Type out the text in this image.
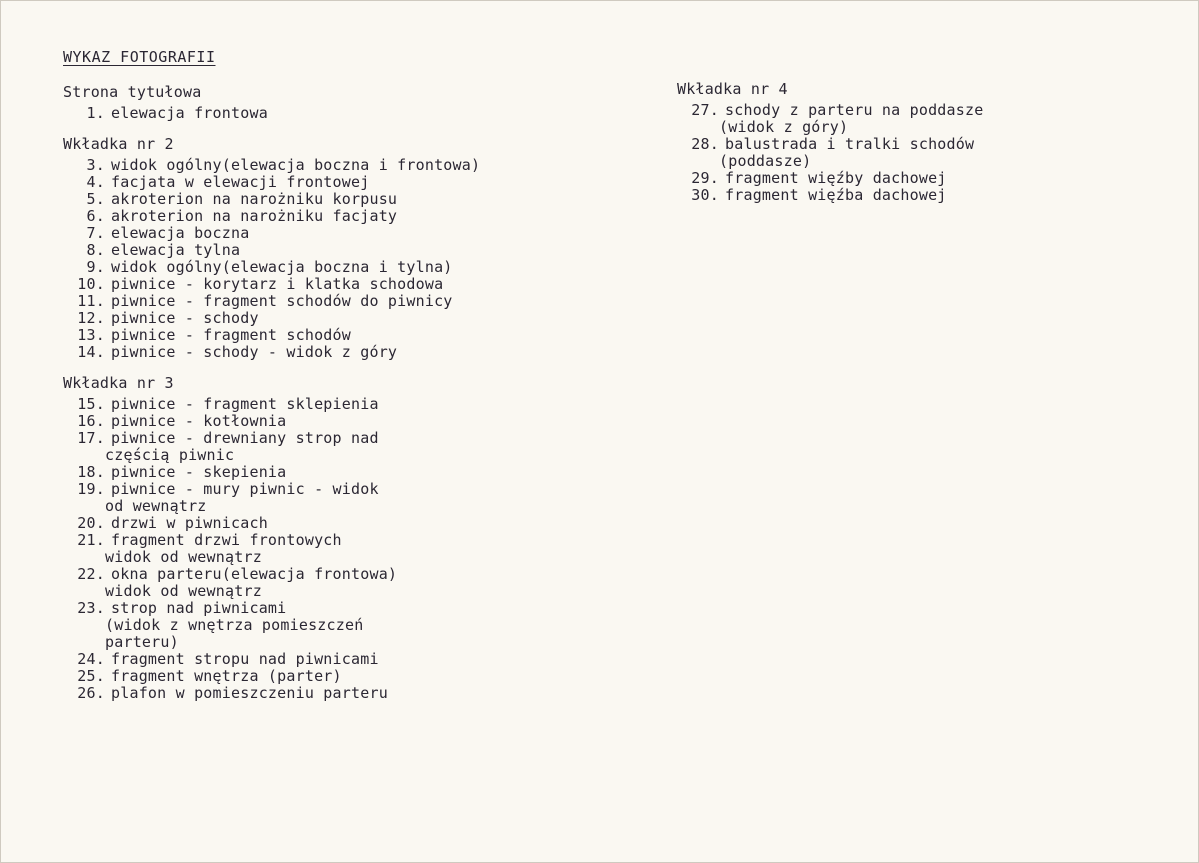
WYKAZ FOTOGRAFII
Strona tytułowa
1. elewacja frontowa
Wkładka nr 2
3. widok ogólny(elewacja boczna i frontowa)
4. facjata w elewacji frontowej
5. akroterion na narożniku korpusu
6. akroterion na narożniku facjaty
7. elewacja boczna
8. elewacja tylna
9. widok ogólny(elewacja boczna i tylna)
10. piwnice - korytarz i klatka schodowa
11. piwnice - fragment schodów do piwnicy
12. piwnice - schody
13. piwnice - fragment schodów
14. piwnice - schody - widok z góry
Wkładka nr 3
15. piwnice - fragment sklepienia
16. piwnice - kotłownia
17. piwnice - drewniany strop nad
częścią piwnic
18. piwnice - skepienia
19. piwnice - mury piwnic - widok
od wewnątrz
20. drzwi w piwnicach
21. fragment drzwi frontowych
widok od wewnątrz
22. okna parteru(elewacja frontowa)
widok od wewnątrz
23. strop nad piwnicami
(widok z wnętrza pomieszczeń
parteru)
24. fragment stropu nad piwnicami
25. fragment wnętrza (parter)
26. plafon w pomieszczeniu parteru
Wkładka nr 4
27. schody z parteru na poddasze
(widok z góry)
28. balustrada i tralki schodów
(poddasze)
29. fragment więźby dachowej
30. fragment więźba dachowej
